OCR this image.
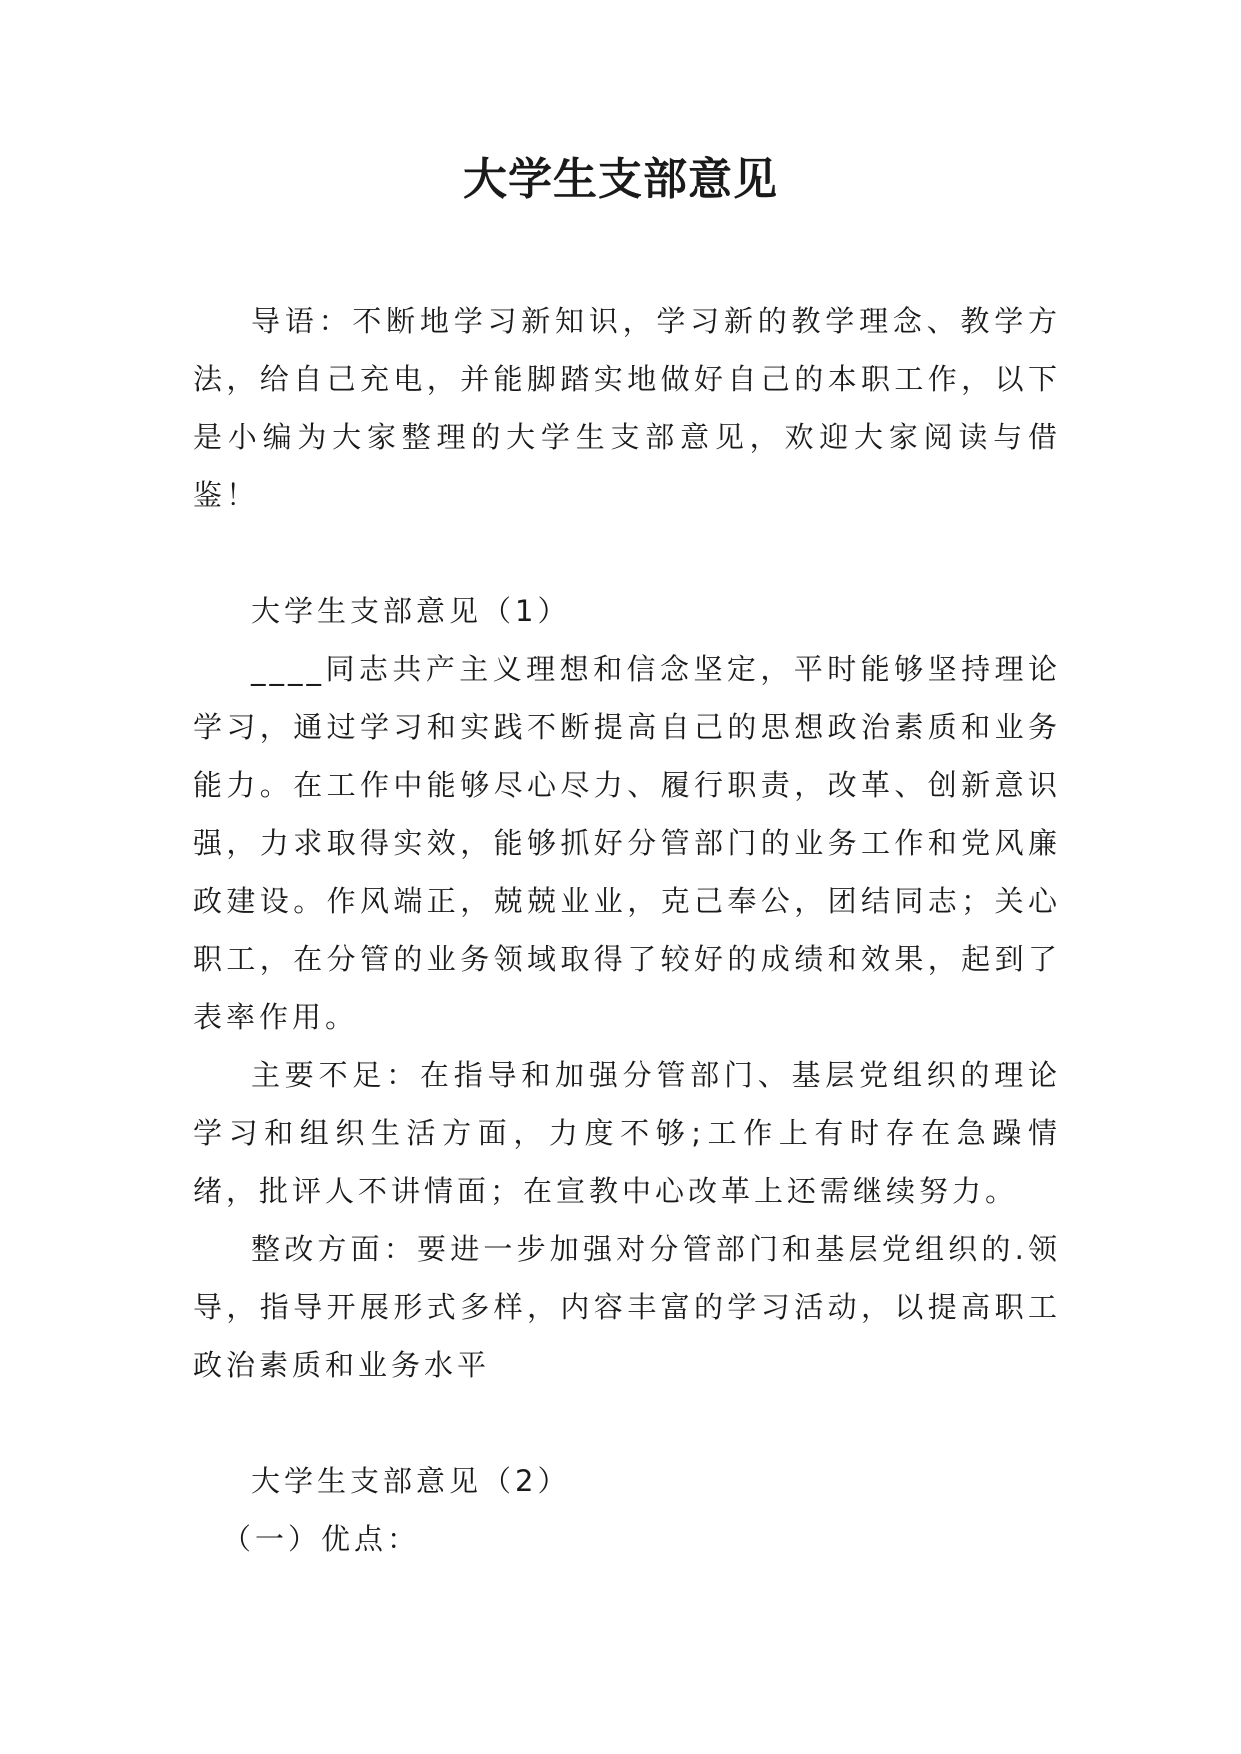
大学生支部意见

导语：不断地学习新知识，学习新的教学理念、教学方法，给自己充电，并能脚踏实地做好自己的本职工作，以下是小编为大家整理的大学生支部意见，欢迎大家阅读与借鉴！

大学生支部意见（1）

____同志共产主义理想和信念坚定，平时能够坚持理论学习，通过学习和实践不断提高自己的思想政治素质和业务能力。在工作中能够尽心尽力、履行职责，改革、创新意识强，力求取得实效，能够抓好分管部门的业务工作和党风廉政建设。作风端正，兢兢业业，克己奉公，团结同志；关心职工，在分管的业务领域取得了较好的成绩和效果，起到了表率作用。

主要不足：在指导和加强分管部门、基层党组织的理论学习和组织生活方面，力度不够;工作上有时存在急躁情绪，批评人不讲情面；在宣教中心改革上还需继续努力。

整改方面：要进一步加强对分管部门和基层党组织的.领导，指导开展形式多样，内容丰富的学习活动，以提高职工政治素质和业务水平

大学生支部意见（2）

（一）优点：
